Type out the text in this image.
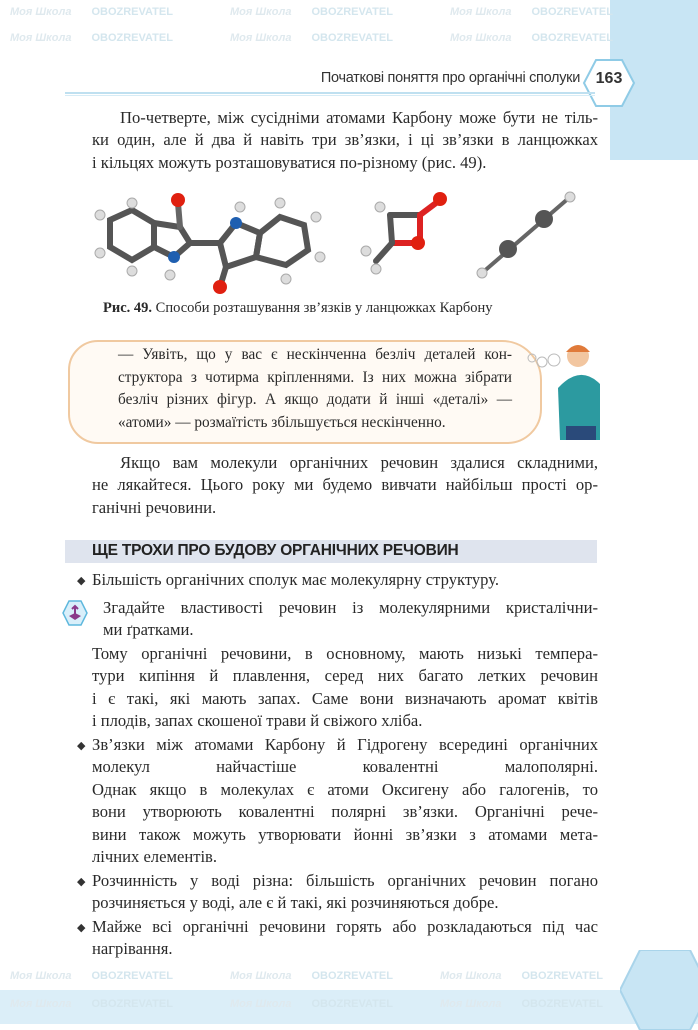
Моя Школа OBOZREVATEL	Моя Школа OBOZREVATEL	Моя Школа OBOZREVATEL
Моя Школа OBOZREVATEL	Моя Школа OBOZREVATEL	Моя Школа OBOZREVATEL
Моя Школа OBOZREVATEL	Моя Школа OBOZREVATEL	Моя Школа OBOZREVATEL
Моя Школа OBOZREVATEL	Моя Школа OBOZREVATEL	Моя Школа OBOZREVATEL
Початкові поняття про органічні сполуки 163
По-четверте, між сусідніми атомами Карбону може бути не тіль-
ки один, але й два й навіть три зв’язки, і ці зв’язки в ланцюжках
і кільцях можуть розташовуватися по-різному (рис. 49).
Рис. 49. Способи розташування зв’язків у ланцюжках Карбону
— Уявіть, що у вас є нескінченна безліч деталей кон-
структора з чотирма кріпленнями. Із них можна зібрати
безліч різних фігур. А якщо додати й інші «деталі» —
«атоми» — розмаїтість збільшується нескінченно.
Якщо вам молекули органічних речовин здалися складними,
не лякайтеся. Цього року ми будемо вивчати найбільш прості ор-
ганічні речовини.
ЩЕ ТРОХИ ПРО БУДОВУ ОРГАНІЧНИХ РЕЧОВИН
◆ Більшість органічних сполук має молекулярну структуру.
Згадайте властивості речовин із молекулярними кристалічни-
ми ґратками.
Тому органічні речовини, в основному, мають низькі темпера-
тури кипіння й плавлення, серед них багато летких речовин
і є такі, які мають запах. Саме вони визначають аромат квітів
і плодів, запах скошеної трави й свіжого хліба.
◆ Зв’язки між атомами Карбону й Гідрогену всередині органічних
молекул найчастіше ковалентні малополярні.
Однак якщо в молекулах є атоми Оксигену або галогенів, то
вони утворюють ковалентні полярні зв’язки. Органічні рече-
вини також можуть утворювати йонні зв’язки з атомами мета-
лічних елементів.
◆ Розчинність у воді різна: більшість органічних речовин погано
розчиняється у воді, але є й такі, які розчиняються добре.
◆ Майже всі органічні речовини горять або розкладаються під час
нагрівання.
